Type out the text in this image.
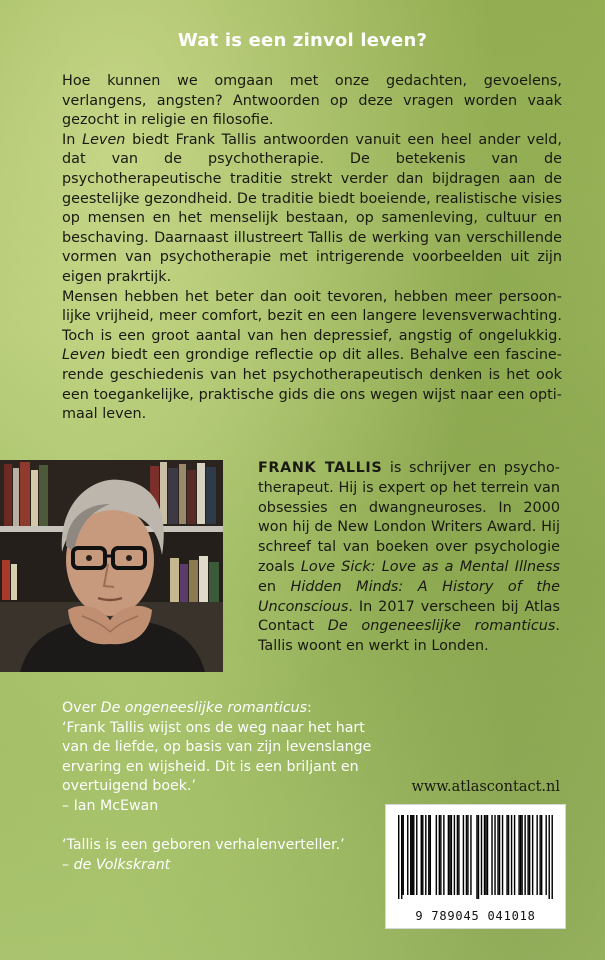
Wat is een zinvol leven?

Hoe kunnen we omgaan met onze gedachten, gevoelens, verlangens, angsten? Antwoorden op deze vragen worden vaak gezocht in religie en filosofie.

In Leven biedt Frank Tallis antwoorden vanuit een heel ander veld, dat van de psychotherapie. De betekenis van de psychotherapeutische traditie strekt verder dan bijdragen aan de geestelijke gezondheid. De traditie biedt boeiende, realistische visies op mensen en het menselijk bestaan, op samenleving, cultuur en beschaving. Daarnaast illustreert Tallis de werking van verschillende vormen van psychotherapie met intrigerende voorbeelden uit zijn eigen prakrtijk.

Mensen hebben het beter dan ooit tevoren, hebben meer persoonlijke vrijheid, meer comfort, bezit en een langere levensverwachting. Toch is een groot aantal van hen depressief, angstig of ongelukkig. Leven biedt een grondige reflectie op dit alles. Behalve een fascinerende geschiedenis van het psychotherapeutisch denken is het ook een toegankelijke, praktische gids die ons wegen wijst naar een optimaal leven.

FRANK TALLIS is schrijver en psychotherapeut. Hij is expert op het terrein van obsessies en dwangneuroses. In 2000 won hij de New London Writers Award. Hij schreef tal van boeken over psychologie zoals Love Sick: Love as a Mental Illness en Hidden Minds: A History of the Unconscious. In 2017 verscheen bij Atlas Contact De ongeneeslijke romanticus. Tallis woont en werkt in Londen.

Over De ongeneeslijke romanticus:

‘Frank Tallis wijst ons de weg naar het hart van de liefde, op basis van zijn levenslange ervaring en wijsheid. Dit is een briljant en overtuigend boek.’

– Ian McEwan

‘Tallis is een geboren verhalenverteller.’

– de Volkskrant

www.atlascontact.nl
9 789045 041018
